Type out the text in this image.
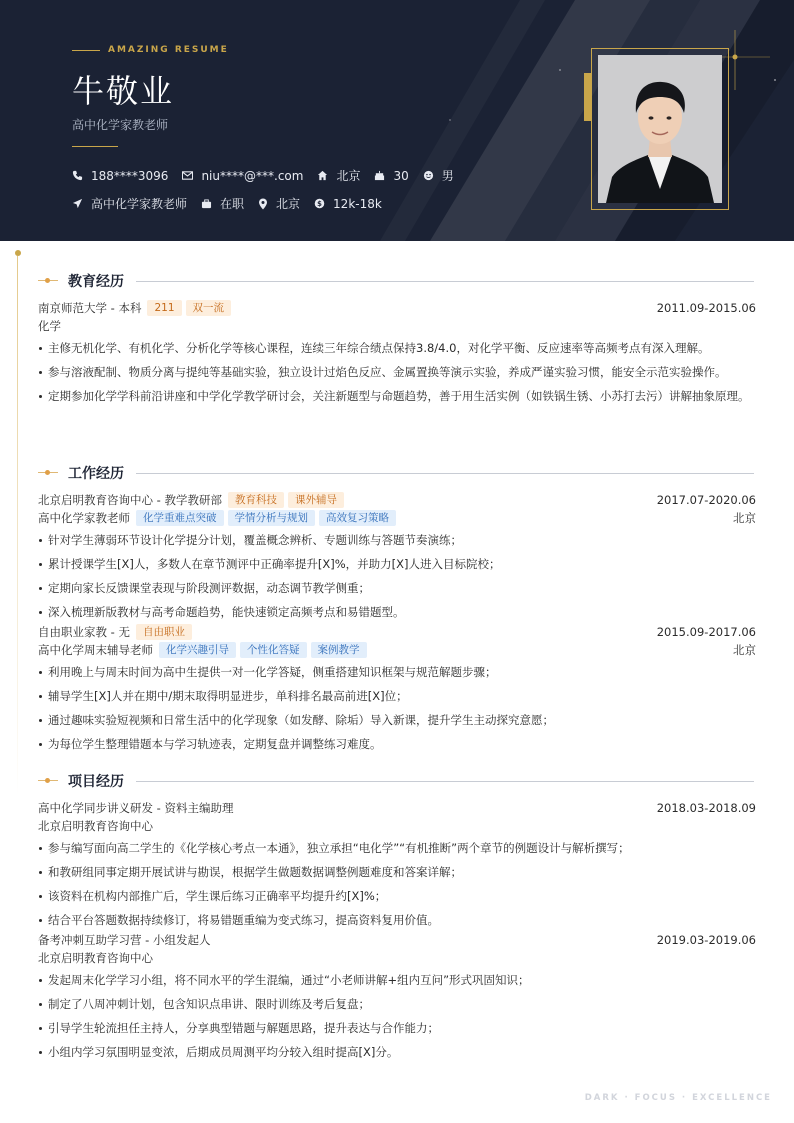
AMAZING RESUME
牛敬业
高中化学家教老师
188****3096	niu****@***.com	北京	30	男
高中化学家教老师	在职	北京 $ 12k-18k
教育经历
南京师范大学 - 本科	211	双一流	2011.09-2015.06
化学
主修无机化学、有机化学、分析化学等核心课程，连续三年综合绩点保持3.8/4.0，对化学平衡、反应速率等高频考点有深入理解。
参与溶液配制、物质分离与提纯等基础实验，独立设计过焰色反应、金属置换等演示实验，养成严谨实验习惯，能安全示范实验操作。
定期参加化学学科前沿讲座和中学化学教学研讨会，关注新题型与命题趋势，善于用生活实例（如铁锅生锈、小苏打去污）讲解抽象原理。
工作经历
北京启明教育咨询中心 - 教学教研部	教育科技	课外辅导	2017.07-2020.06
高中化学家教老师	化学重难点突破	学情分析与规划	高效复习策略	北京
针对学生薄弱环节设计化学提分计划，覆盖概念辨析、专题训练与答题节奏演练；
累计授课学生[X]人，多数人在章节测评中正确率提升[X]%，并助力[X]人进入目标院校；
定期向家长反馈课堂表现与阶段测评数据，动态调节教学侧重；
深入梳理新版教材与高考命题趋势，能快速锁定高频考点和易错题型。
自由职业家教 - 无	自由职业	2015.09-2017.06
高中化学周末辅导老师	化学兴趣引导	个性化答疑	案例教学	北京
利用晚上与周末时间为高中生提供一对一化学答疑，侧重搭建知识框架与规范解题步骤；
辅导学生[X]人并在期中/期末取得明显进步，单科排名最高前进[X]位；
通过趣味实验短视频和日常生活中的化学现象（如发酵、除垢）导入新课，提升学生主动探究意愿；
为每位学生整理错题本与学习轨迹表，定期复盘并调整练习难度。
项目经历
高中化学同步讲义研发 - 资料主编助理	2018.03-2018.09
北京启明教育咨询中心
参与编写面向高二学生的《化学核心考点一本通》，独立承担“电化学”“有机推断”两个章节的例题设计与解析撰写；
和教研组同事定期开展试讲与勘误，根据学生做题数据调整例题难度和答案详解；
该资料在机构内部推广后，学生课后练习正确率平均提升约[X]%；
结合平台答题数据持续修订，将易错题重编为变式练习，提高资料复用价值。
备考冲刺互助学习营 - 小组发起人	2019.03-2019.06
北京启明教育咨询中心
发起周末化学学习小组，将不同水平的学生混编，通过“小老师讲解+组内互问”形式巩固知识；
制定了八周冲刺计划，包含知识点串讲、限时训练及考后复盘；
引导学生轮流担任主持人，分享典型错题与解题思路，提升表达与合作能力；
小组内学习氛围明显变浓，后期成员周测平均分较入组时提高[X]分。
DARK · FOCUS · EXCELLENCE
